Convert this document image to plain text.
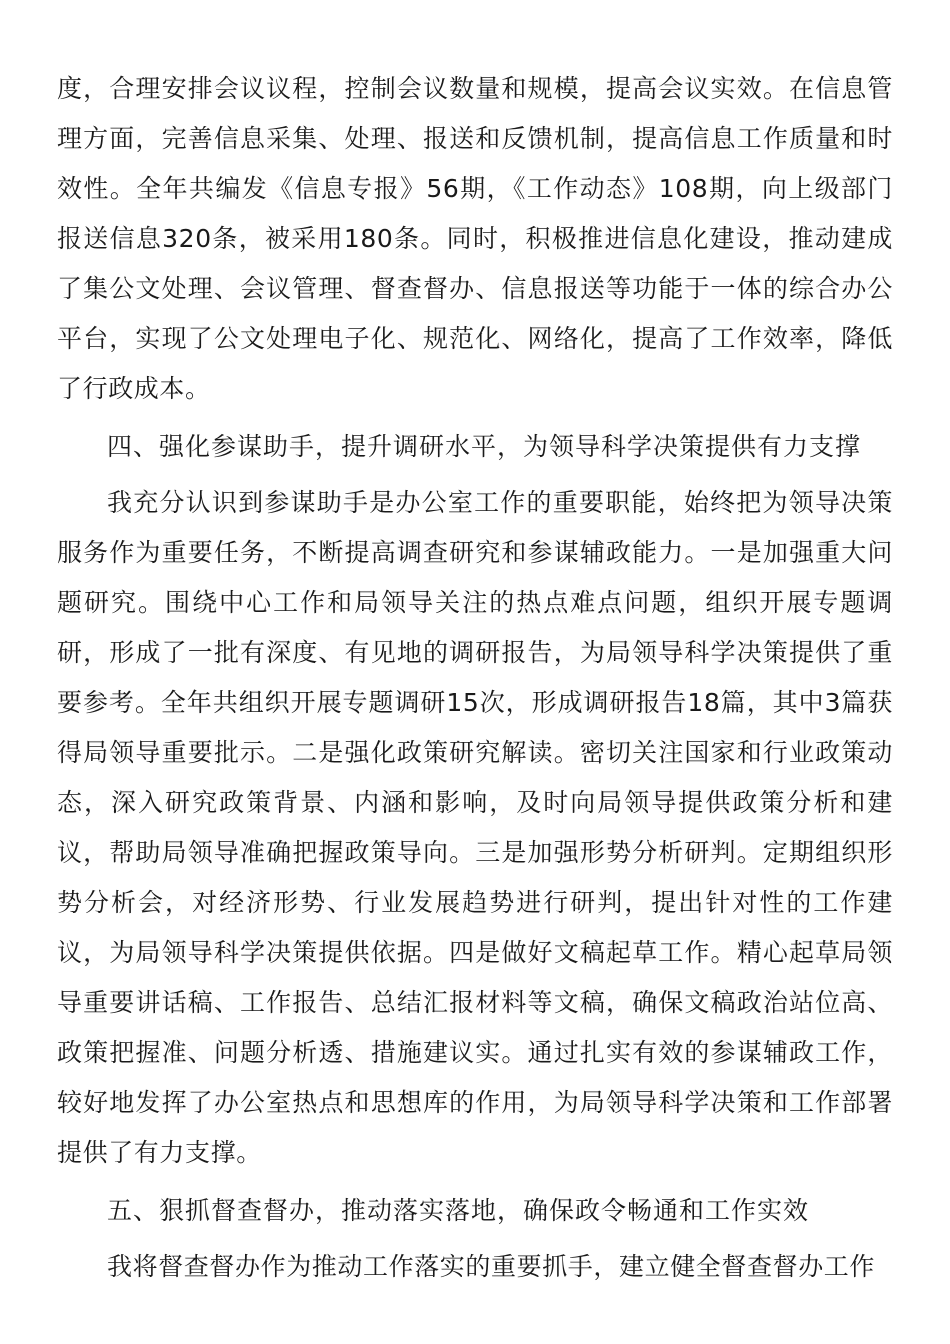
度，合理安排会议议程，控制会议数量和规模，提高会议实效。在信息管理方面，完善信息采集、处理、报送和反馈机制，提高信息工作质量和时效性。全年共编发《信息专报》56期，《工作动态》108期，向上级部门报送信息320条，被采用180条。同时，积极推进信息化建设，推动建成了集公文处理、会议管理、督查督办、信息报送等功能于一体的综合办公平台，实现了公文处理电子化、规范化、网络化，提高了工作效率，降低了行政成本。

四、强化参谋助手，提升调研水平，为领导科学决策提供有力支撑

我充分认识到参谋助手是办公室工作的重要职能，始终把为领导决策服务作为重要任务，不断提高调查研究和参谋辅政能力。一是加强重大问题研究。围绕中心工作和局领导关注的热点难点问题，组织开展专题调研，形成了一批有深度、有见地的调研报告，为局领导科学决策提供了重要参考。全年共组织开展专题调研15次，形成调研报告18篇，其中3篇获得局领导重要批示。二是强化政策研究解读。密切关注国家和行业政策动态，深入研究政策背景、内涵和影响，及时向局领导提供政策分析和建议，帮助局领导准确把握政策导向。三是加强形势分析研判。定期组织形势分析会，对经济形势、行业发展趋势进行研判，提出针对性的工作建议，为局领导科学决策提供依据。四是做好文稿起草工作。精心起草局领导重要讲话稿、工作报告、总结汇报材料等文稿，确保文稿政治站位高、政策把握准、问题分析透、措施建议实。通过扎实有效的参谋辅政工作，较好地发挥了办公室热点和思想库的作用，为局领导科学决策和工作部署提供了有力支撑。

五、狠抓督查督办，推动落实落地，确保政令畅通和工作实效

我将督查督办作为推动工作落实的重要抓手，建立健全督查督办工作
